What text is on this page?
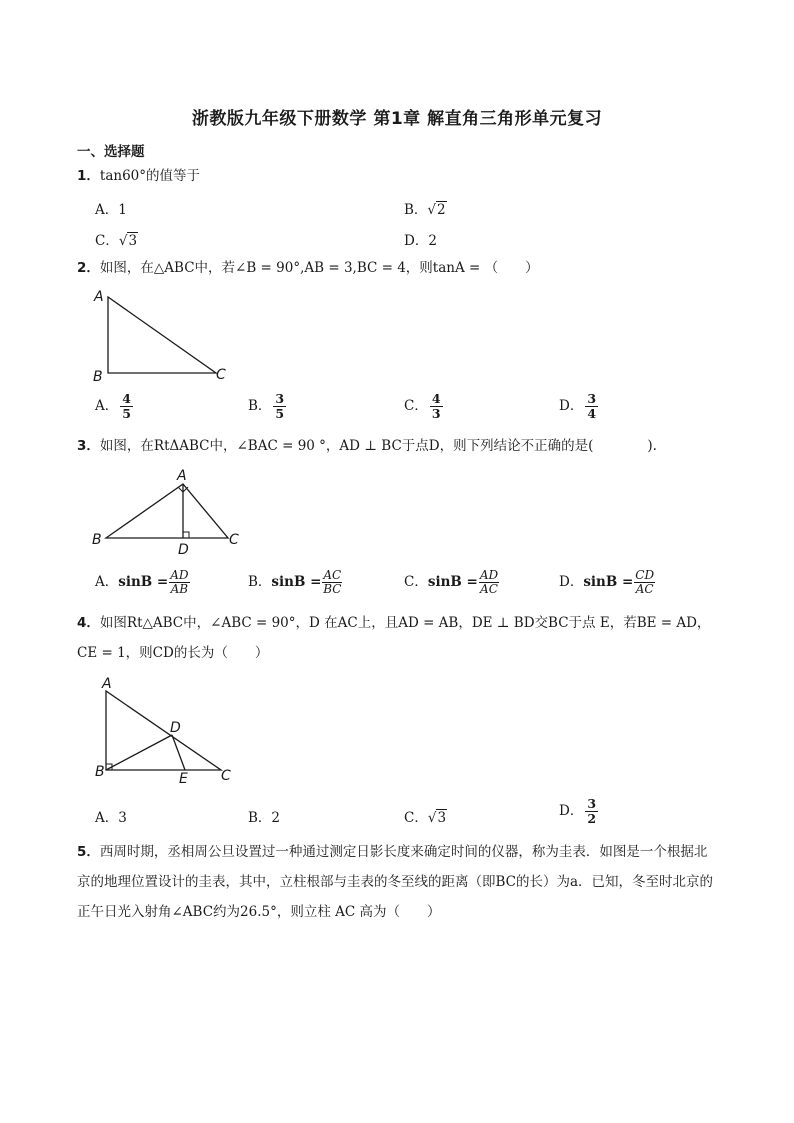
浙教版九年级下册数学 第1章 解直角三角形单元复习
一、选择题
1．tan60°的值等于
A．1	B．√2
C．√3	D．2
2．如图，在△ABC中，若∠B = 90°,AB = 3,BC = 4，则tanA = （　　）
A
B	C
A． $\frac{4}{5}$	B． $\frac{3}{5}$	C． $\frac{4}{3}$	D． $\frac{3}{4}$
3．如图，在RtΔABC中，∠BAC = 90 °，AD ⊥ BC于点D，则下列结论不正确的是(　　　　).
A
B	C
D
A．$\sin B = \frac{AD}{AB}$	B．$\sin B = \frac{AC}{BC}$	C．$\sin B = \frac{AD}{AC}$	D．$\sin B = \frac{CD}{AC}$
4．如图Rt△ABC中，∠ABC = 90°，D 在AC上，且AD = AB，DE ⊥ BD交BC于点 E，若BE = AD，
CE = 1，则CD的长为（　　）
A
B	C
D
E
A．3	B．2	C．√3	D． $\frac{3}{2}$
5．西周时期，丞相周公旦设置过一种通过测定日影长度来确定时间的仪器，称为圭表．如图是一个根据北京的地理位置设计的圭表，其中，立柱根部与圭表的冬至线的距离（即BC的长）为a．已知，冬至时北京的正午日光入射角∠ABC约为26.5°，则立柱 AC 高为（　　）
